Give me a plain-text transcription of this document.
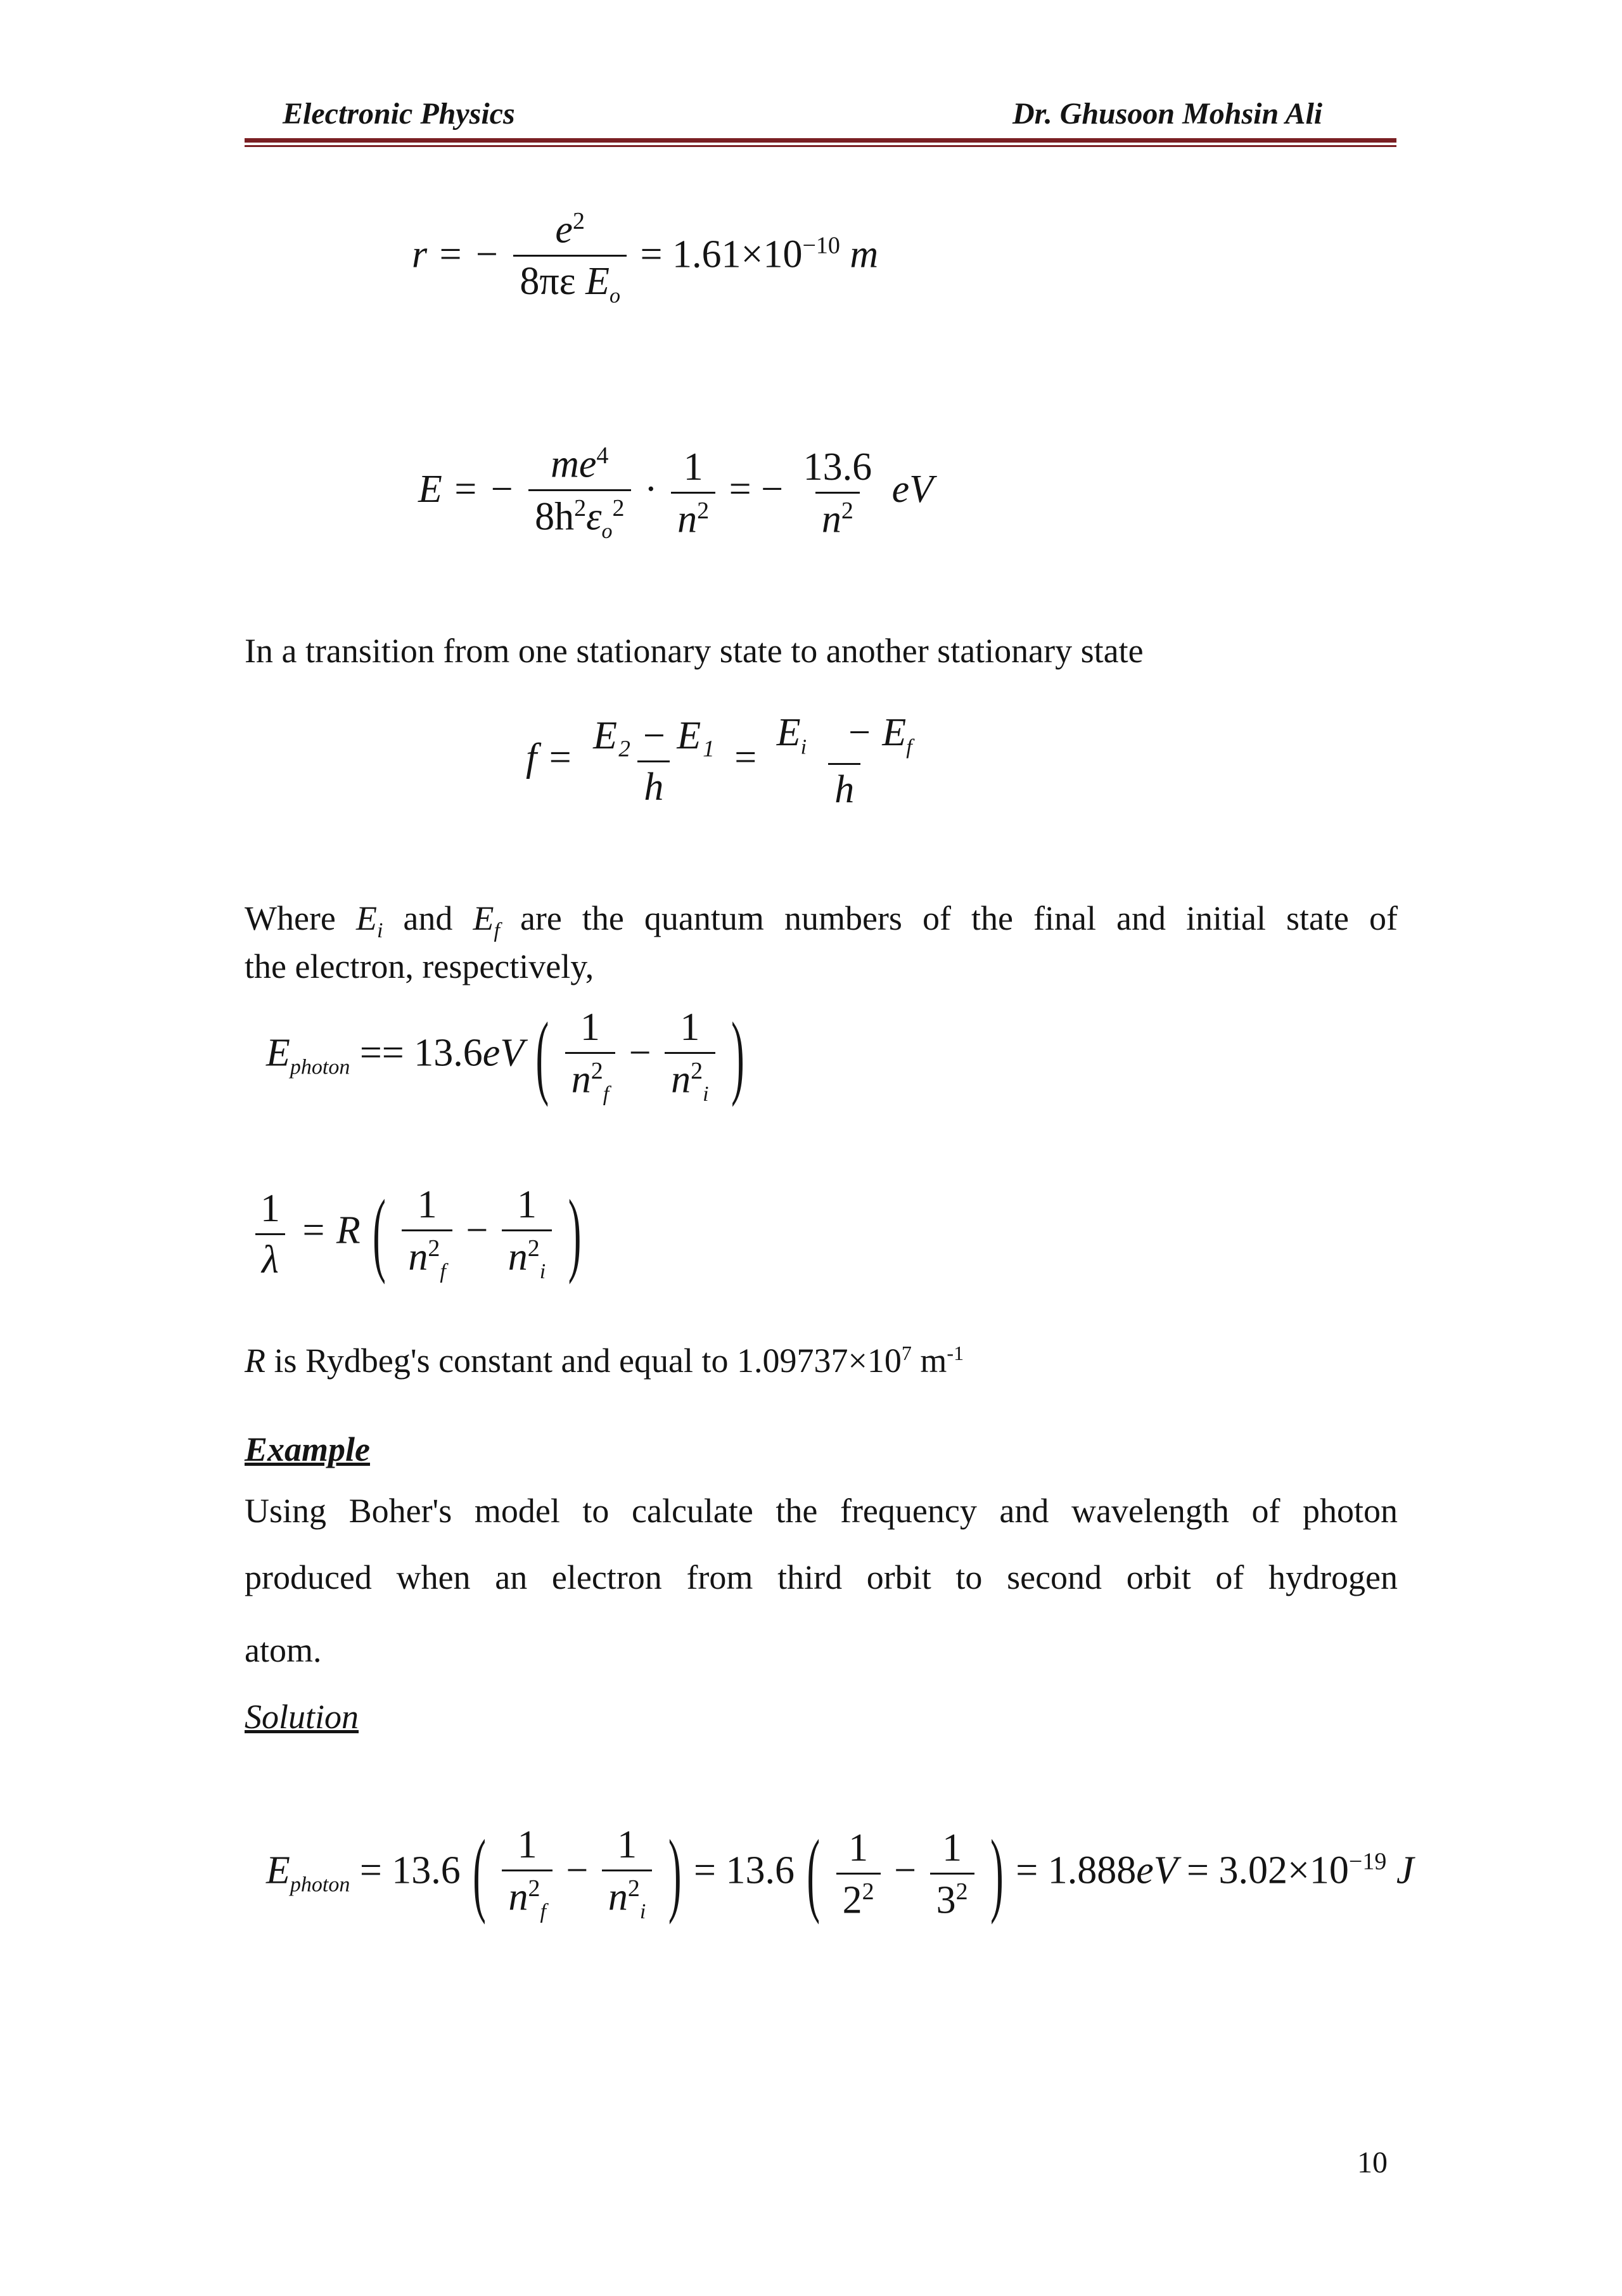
Electronic Physics	Dr. Ghusoon Mohsin Ali
r = − $\frac{e^2}{8\pi\varepsilon E_o} = 1.61\times 10^{-10}$ m
E = − $\frac{me^4}{8h^2\varepsilon_o^2} \cdot \frac{1}{n^2}$ = − $\frac{13.6}{n^2}$ eV
In a transition from one stationary state to another stationary state
$f = \frac{\text{E₂ − E₁}}{h} = \frac{E_i - E_f}{h}$
Where $E_i$ and $E_f$ are the quantum numbers of the final and initial state of
the electron, respectively,
$E_{photon} == 13.6eV$ ( $\frac{1}{n^2_f} - \frac{1}{n^2_i}$ )
$\frac{1}{\lambda} = R$ ( $\frac{1}{n^2_f} - \frac{1}{n^2_i}$ )
R is Rydbeg's constant and equal to $1.09737\times 10^7$ $m^{-1}$
Example
Using Boher's model to calculate the frequency and wavelength of photon
produced when an electron from third orbit to second orbit of hydrogen
atom.
Solution
$E_{photon} = 13.6$ ( $\frac{1}{n^2_f} - \frac{1}{n^2_i}$ ) = 13.6 ( $\frac{1}{2^2} - \frac{1}{3^2}$ ) = $1.888eV = 3.02\times 10^{-19}$ J
10
